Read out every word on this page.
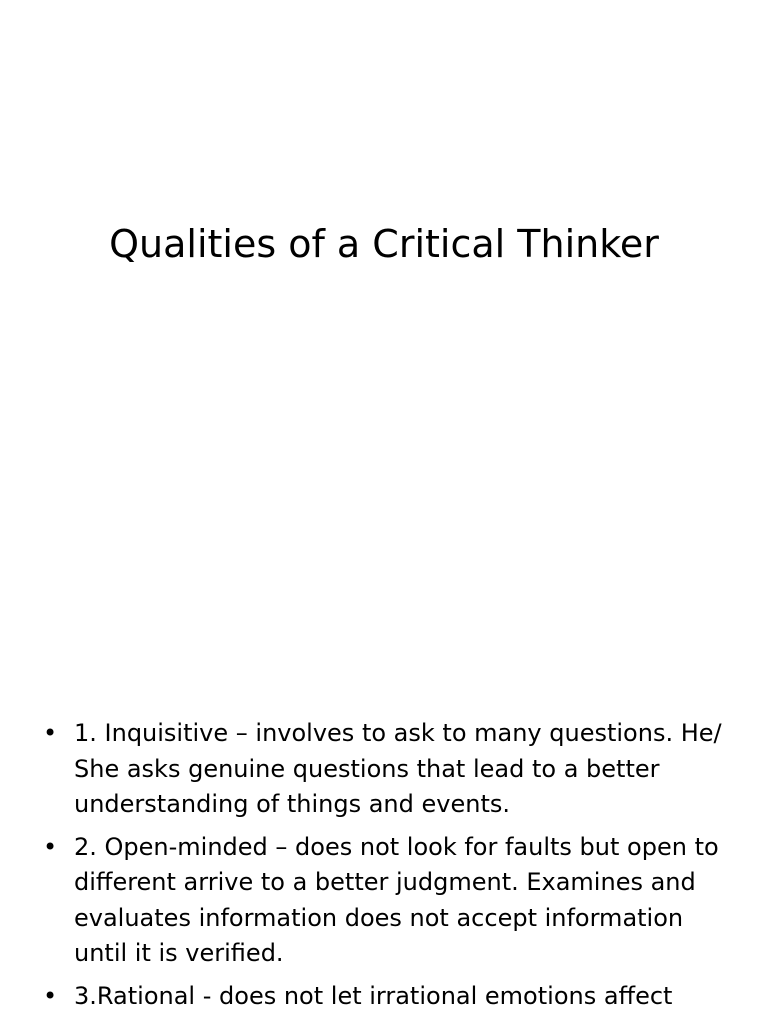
Qualities of a Critical Thinker
• 1. Inquisitive – involves to ask to many questions. He/ She asks genuine questions that lead to a better understanding of things and events.
• 2. Open-minded – does not look for faults but open to different arrive to a better judgment. Examines and evaluates information does not accept information until it is verified.
• 3.Rational - does not let irrational emotions affect
